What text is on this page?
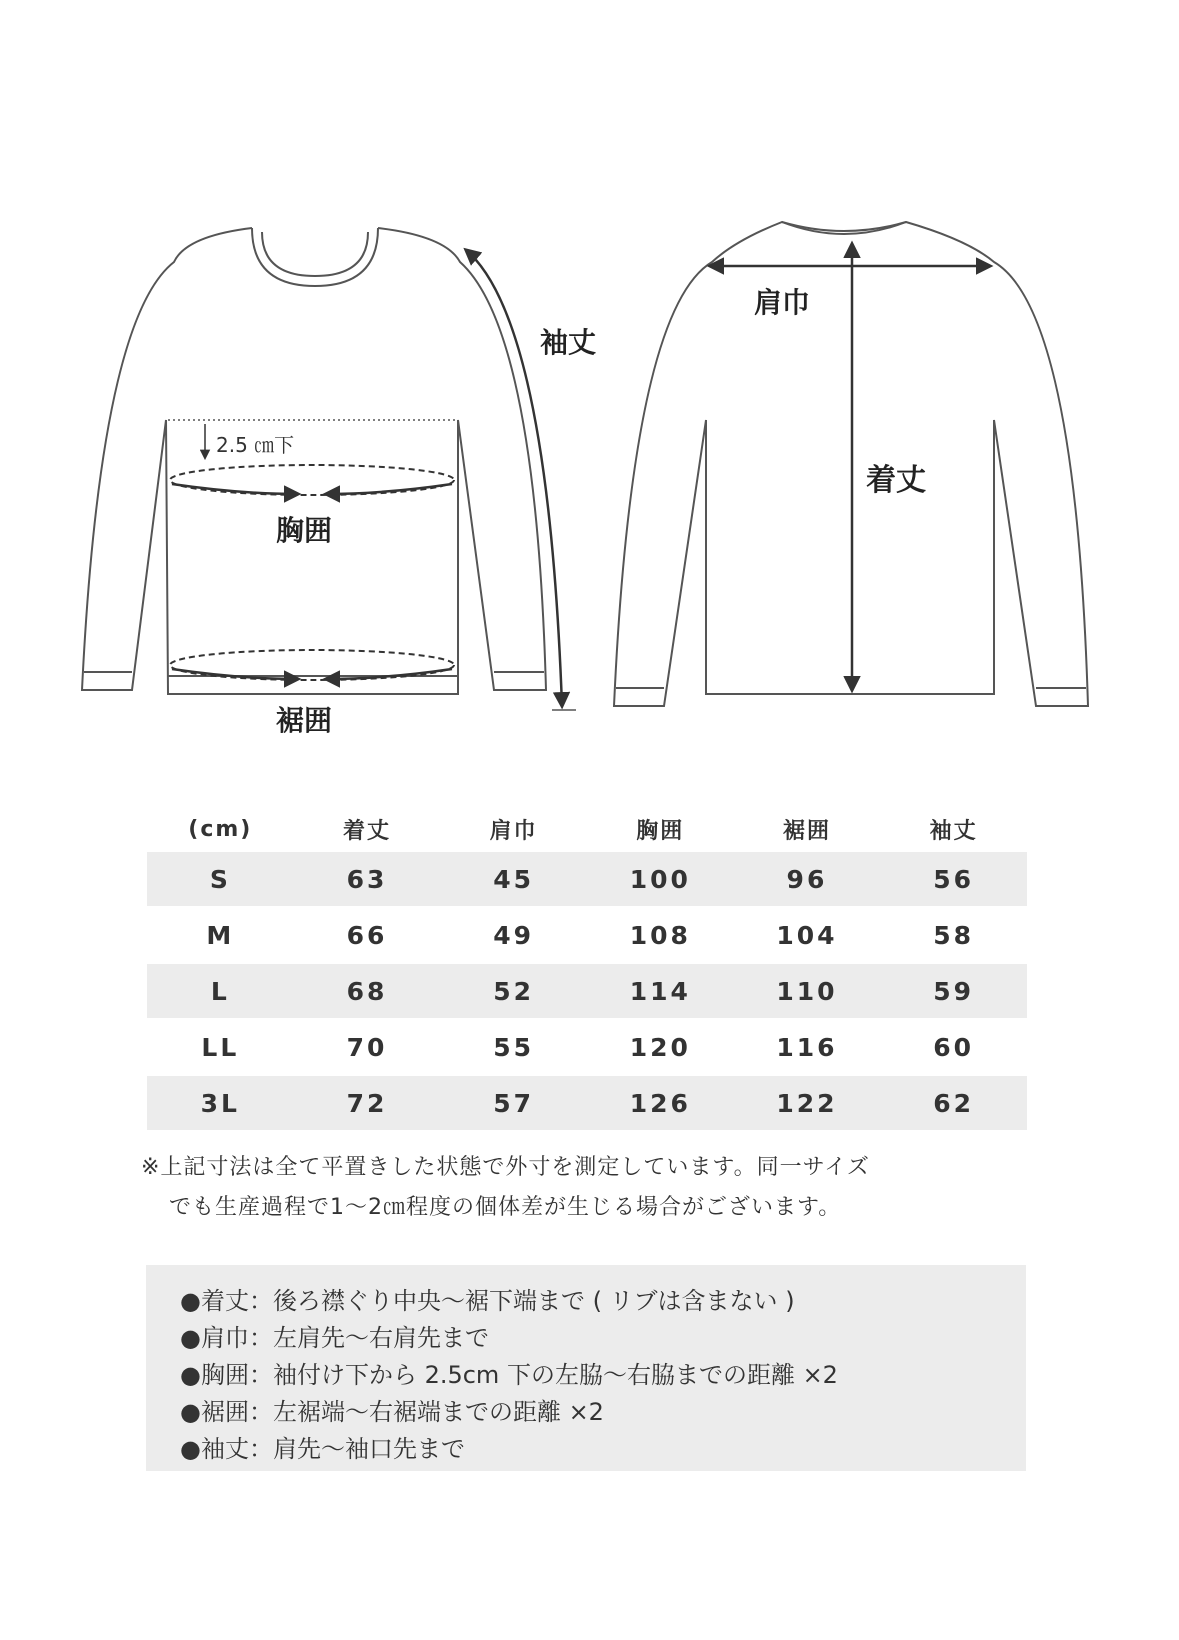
袖丈
2.5 ㎝下
胸囲
裾囲
肩巾
着丈
(cm)	着丈	肩巾	胸囲	裾囲	袖丈
S	63	45	100	96	56
M	66	49	108	104	58
L	68	52	114	110	59
LL	70	55	120	116	60
3L	72	57	126	122	62
※上記寸法は全て平置きした状態で外寸を測定しています。同一サイズ
でも生産過程で1～2㎝程度の個体差が生じる場合がございます。
●着丈：後ろ襟ぐり中央～裾下端まで ( リブは含まない )
●肩巾：左肩先～右肩先まで
●胸囲：袖付け下から 2.5cm 下の左脇～右脇までの距離 ×2
●裾囲：左裾端～右裾端までの距離 ×2
●袖丈：肩先～袖口先まで
